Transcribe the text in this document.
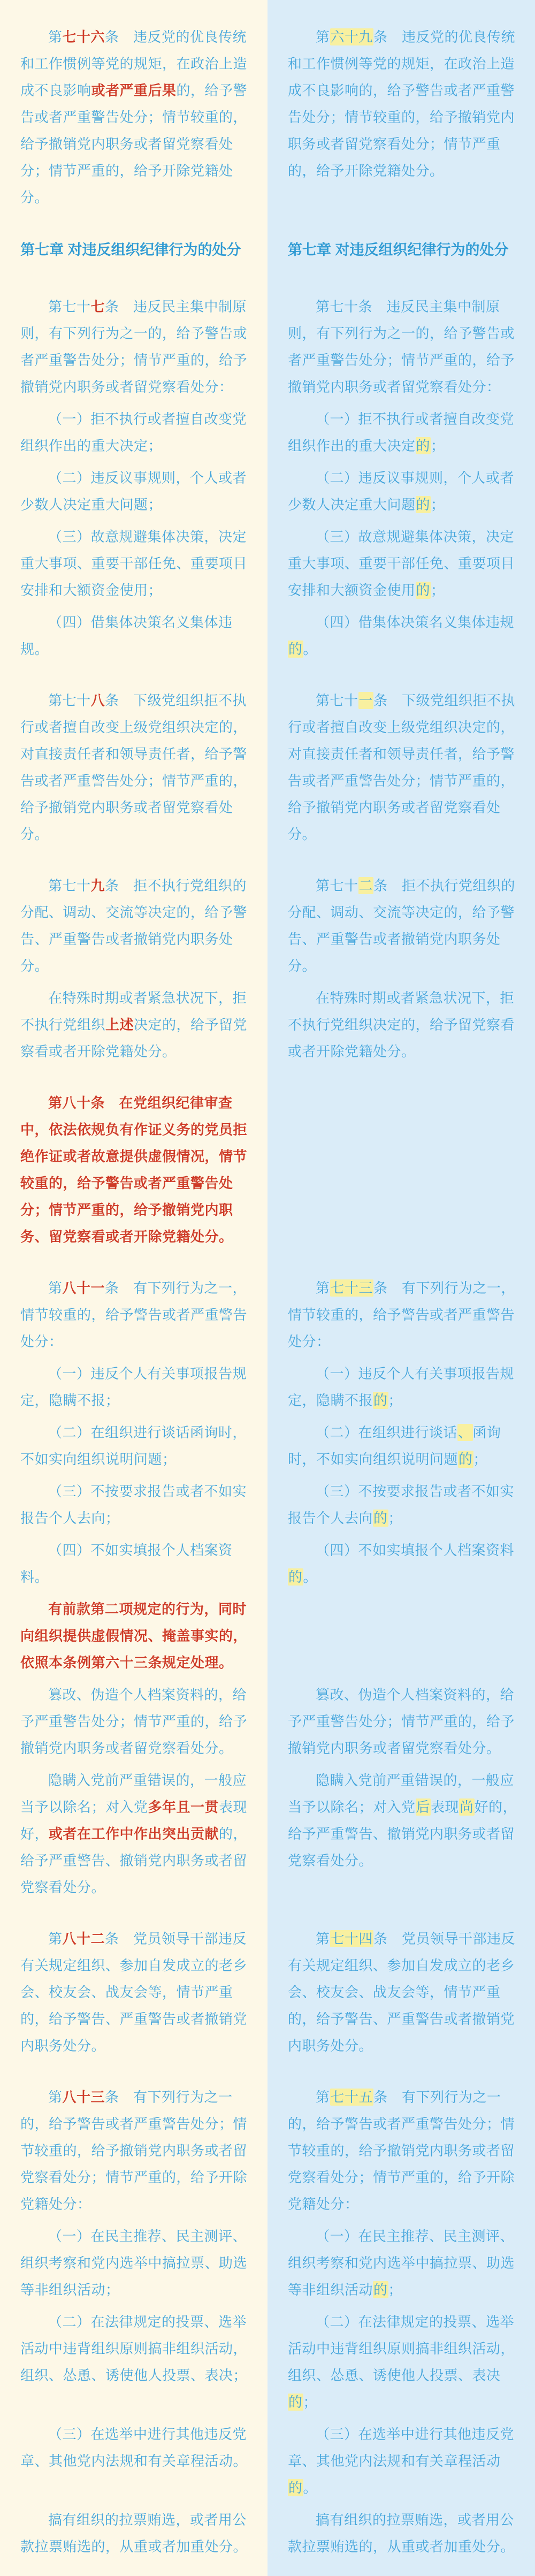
第七十六条　违反党的优良传统和工作惯例等党的规矩，在政治上造成不良影响或者严重后果的，给予警告或者严重警告处分；情节较重的，给予撤销党内职务或者留党察看处分；情节严重的，给予开除党籍处分。

第六十九条　违反党的优良传统和工作惯例等党的规矩，在政治上造成不良影响的，给予警告或者严重警告处分；情节较重的，给予撤销党内职务或者留党察看处分；情节严重的，给予开除党籍处分。

第七章 对违反组织纪律行为的处分	第七章 对违反组织纪律行为的处分

第七十七条　违反民主集中制原则，有下列行为之一的，给予警告或者严重警告处分；情节严重的，给予撤销党内职务或者留党察看处分：

第七十条　违反民主集中制原则，有下列行为之一的，给予警告或者严重警告处分；情节严重的，给予撤销党内职务或者留党察看处分：

（一）拒不执行或者擅自改变党组织作出的重大决定；

（一）拒不执行或者擅自改变党组织作出的重大决定的；

（二）违反议事规则，个人或者少数人决定重大问题；

（二）违反议事规则，个人或者少数人决定重大问题的；

（三）故意规避集体决策，决定重大事项、重要干部任免、重要项目安排和大额资金使用；

（三）故意规避集体决策，决定重大事项、重要干部任免、重要项目安排和大额资金使用的；

（四）借集体决策名义集体违规。

（四）借集体决策名义集体违规的。

第七十八条　下级党组织拒不执行或者擅自改变上级党组织决定的，对直接责任者和领导责任者，给予警告或者严重警告处分；情节严重的，给予撤销党内职务或者留党察看处分。

第七十一条　下级党组织拒不执行或者擅自改变上级党组织决定的，对直接责任者和领导责任者，给予警告或者严重警告处分；情节严重的，给予撤销党内职务或者留党察看处分。

第七十九条　拒不执行党组织的分配、调动、交流等决定的，给予警告、严重警告或者撤销党内职务处分。

第七十二条　拒不执行党组织的分配、调动、交流等决定的，给予警告、严重警告或者撤销党内职务处分。

在特殊时期或者紧急状况下，拒不执行党组织上述决定的，给予留党察看或者开除党籍处分。

在特殊时期或者紧急状况下，拒不执行党组织决定的，给予留党察看或者开除党籍处分。

第八十条　在党组织纪律审查中，依法依规负有作证义务的党员拒绝作证或者故意提供虚假情况，情节较重的，给予警告或者严重警告处分；情节严重的，给予撤销党内职务、留党察看或者开除党籍处分。

第八十一条　有下列行为之一，情节较重的，给予警告或者严重警告处分：

第七十三条　有下列行为之一，情节较重的，给予警告或者严重警告处分：

（一）违反个人有关事项报告规定，隐瞒不报；

（一）违反个人有关事项报告规定，隐瞒不报的；

（二）在组织进行谈话函询时，不如实向组织说明问题；

（二）在组织进行谈话、函询时，不如实向组织说明问题的；

（三）不按要求报告或者不如实报告个人去向；

（三）不按要求报告或者不如实报告个人去向的；

（四）不如实填报个人档案资料。

（四）不如实填报个人档案资料的。

有前款第二项规定的行为，同时向组织提供虚假情况、掩盖事实的，依照本条例第六十三条规定处理。

篡改、伪造个人档案资料的，给予严重警告处分；情节严重的，给予撤销党内职务或者留党察看处分。

篡改、伪造个人档案资料的，给予严重警告处分；情节严重的，给予撤销党内职务或者留党察看处分。

隐瞒入党前严重错误的，一般应当予以除名；对入党多年且一贯表现好，或者在工作中作出突出贡献的，给予严重警告、撤销党内职务或者留党察看处分。

隐瞒入党前严重错误的，一般应当予以除名；对入党后表现尚好的，给予严重警告、撤销党内职务或者留党察看处分。

第八十二条　党员领导干部违反有关规定组织、参加自发成立的老乡会、校友会、战友会等，情节严重的，给予警告、严重警告或者撤销党内职务处分。

第七十四条　党员领导干部违反有关规定组织、参加自发成立的老乡会、校友会、战友会等，情节严重的，给予警告、严重警告或者撤销党内职务处分。

第八十三条　有下列行为之一的，给予警告或者严重警告处分；情节较重的，给予撤销党内职务或者留党察看处分；情节严重的，给予开除党籍处分：

第七十五条　有下列行为之一的，给予警告或者严重警告处分；情节较重的，给予撤销党内职务或者留党察看处分；情节严重的，给予开除党籍处分：

（一）在民主推荐、民主测评、组织考察和党内选举中搞拉票、助选等非组织活动；

（一）在民主推荐、民主测评、组织考察和党内选举中搞拉票、助选等非组织活动的；

（二）在法律规定的投票、选举活动中违背组织原则搞非组织活动，组织、怂恿、诱使他人投票、表决；

（二）在法律规定的投票、选举活动中违背组织原则搞非组织活动，组织、怂恿、诱使他人投票、表决的；

（三）在选举中进行其他违反党章、其他党内法规和有关章程活动。

（三）在选举中进行其他违反党章、其他党内法规和有关章程活动的。

搞有组织的拉票贿选，或者用公款拉票贿选的，从重或者加重处分。

搞有组织的拉票贿选，或者用公款拉票贿选的，从重或者加重处分。
